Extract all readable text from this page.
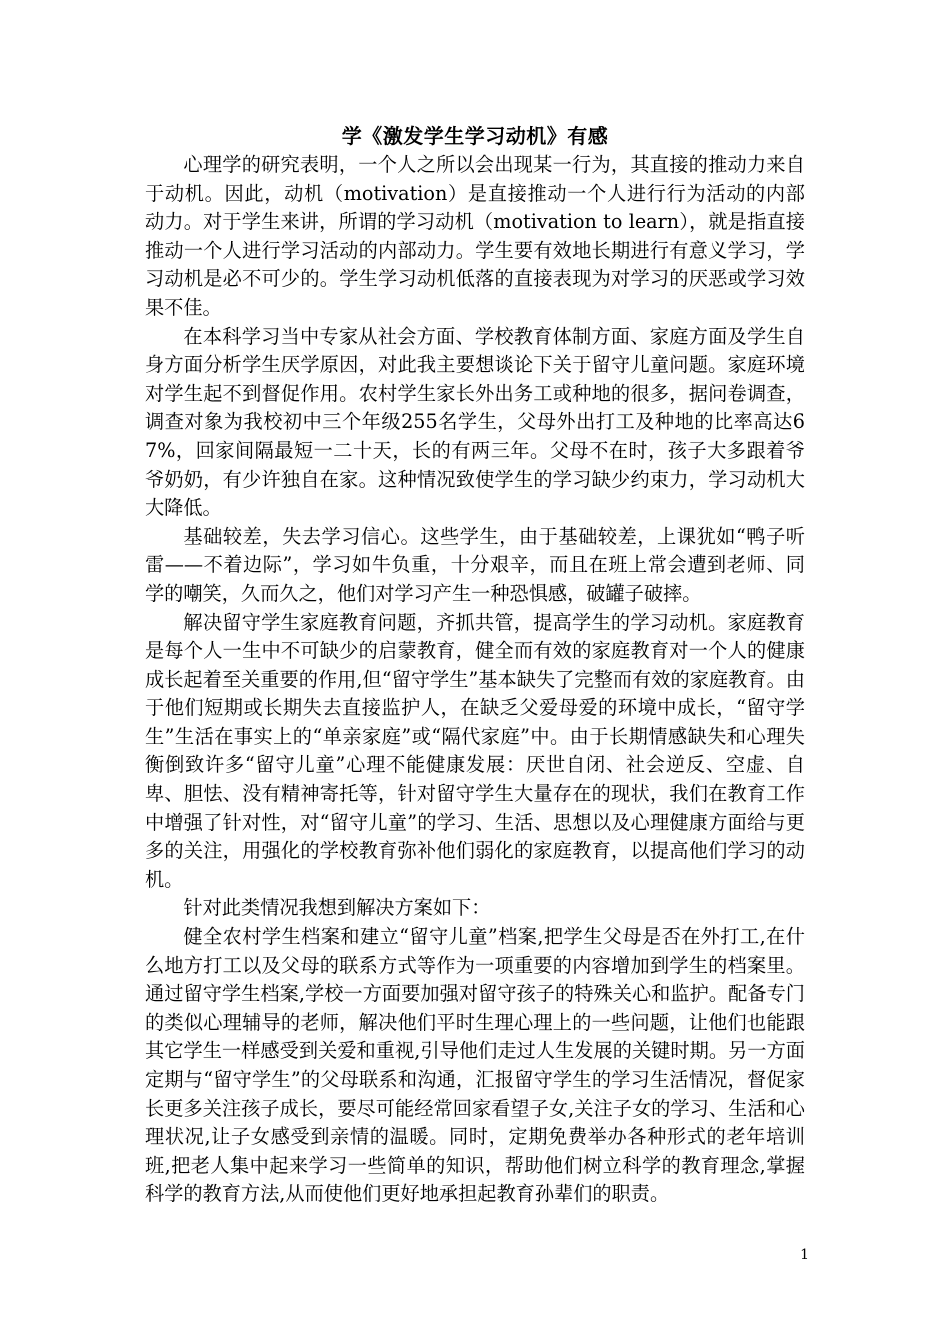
学《激发学生学习动机》有感

心理学的研究表明，一个人之所以会出现某一行为，其直接的推动力来自于动机。因此，动机（motivation）是直接推动一个人进行行为活动的内部动力。对于学生来讲，所谓的学习动机（motivation to learn），就是指直接推动一个人进行学习活动的内部动力。学生要有效地长期进行有意义学习，学习动机是必不可少的。学生学习动机低落的直接表现为对学习的厌恶或学习效果不佳。

在本科学习当中专家从社会方面、学校教育体制方面、家庭方面及学生自身方面分析学生厌学原因，对此我主要想谈论下关于留守儿童问题。家庭环境对学生起不到督促作用。农村学生家长外出务工或种地的很多，据问卷调查，调查对象为我校初中三个年级255名学生，父母外出打工及种地的比率高达67%，回家间隔最短一二十天，长的有两三年。父母不在时，孩子大多跟着爷爷奶奶，有少许独自在家。这种情况致使学生的学习缺少约束力，学习动机大大降低。

基础较差，失去学习信心。这些学生，由于基础较差，上课犹如“鸭子听雷——不着边际”，学习如牛负重，十分艰辛，而且在班上常会遭到老师、同学的嘲笑，久而久之，他们对学习产生一种恐惧感，破罐子破摔。

解决留守学生家庭教育问题，齐抓共管，提高学生的学习动机。家庭教育是每个人一生中不可缺少的启蒙教育，健全而有效的家庭教育对一个人的健康成长起着至关重要的作用,但“留守学生”基本缺失了完整而有效的家庭教育。由于他们短期或长期失去直接监护人，在缺乏父爱母爱的环境中成长，“留守学生”生活在事实上的“单亲家庭”或“隔代家庭”中。由于长期情感缺失和心理失衡倒致许多“留守儿童”心理不能健康发展：厌世自闭、社会逆反、空虚、自卑、胆怯、没有精神寄托等，针对留守学生大量存在的现状，我们在教育工作中增强了针对性，对“留守儿童”的学习、生活、思想以及心理健康方面给与更多的关注，用强化的学校教育弥补他们弱化的家庭教育，以提高他们学习的动机。

针对此类情况我想到解决方案如下：

健全农村学生档案和建立“留守儿童”档案,把学生父母是否在外打工,在什么地方打工以及父母的联系方式等作为一项重要的内容增加到学生的档案里。通过留守学生档案,学校一方面要加强对留守孩子的特殊关心和监护。配备专门的类似心理辅导的老师，解决他们平时生理心理上的一些问题，让他们也能跟其它学生一样感受到关爱和重视,引导他们走过人生发展的关键时期。另一方面定期与“留守学生”的父母联系和沟通，汇报留守学生的学习生活情况，督促家长更多关注孩子成长，要尽可能经常回家看望子女,关注子女的学习、生活和心理状况,让子女感受到亲情的温暖。同时，定期免费举办各种形式的老年培训班,把老人集中起来学习一些简单的知识，帮助他们树立科学的教育理念,掌握科学的教育方法,从而使他们更好地承担起教育孙辈们的职责。

1
